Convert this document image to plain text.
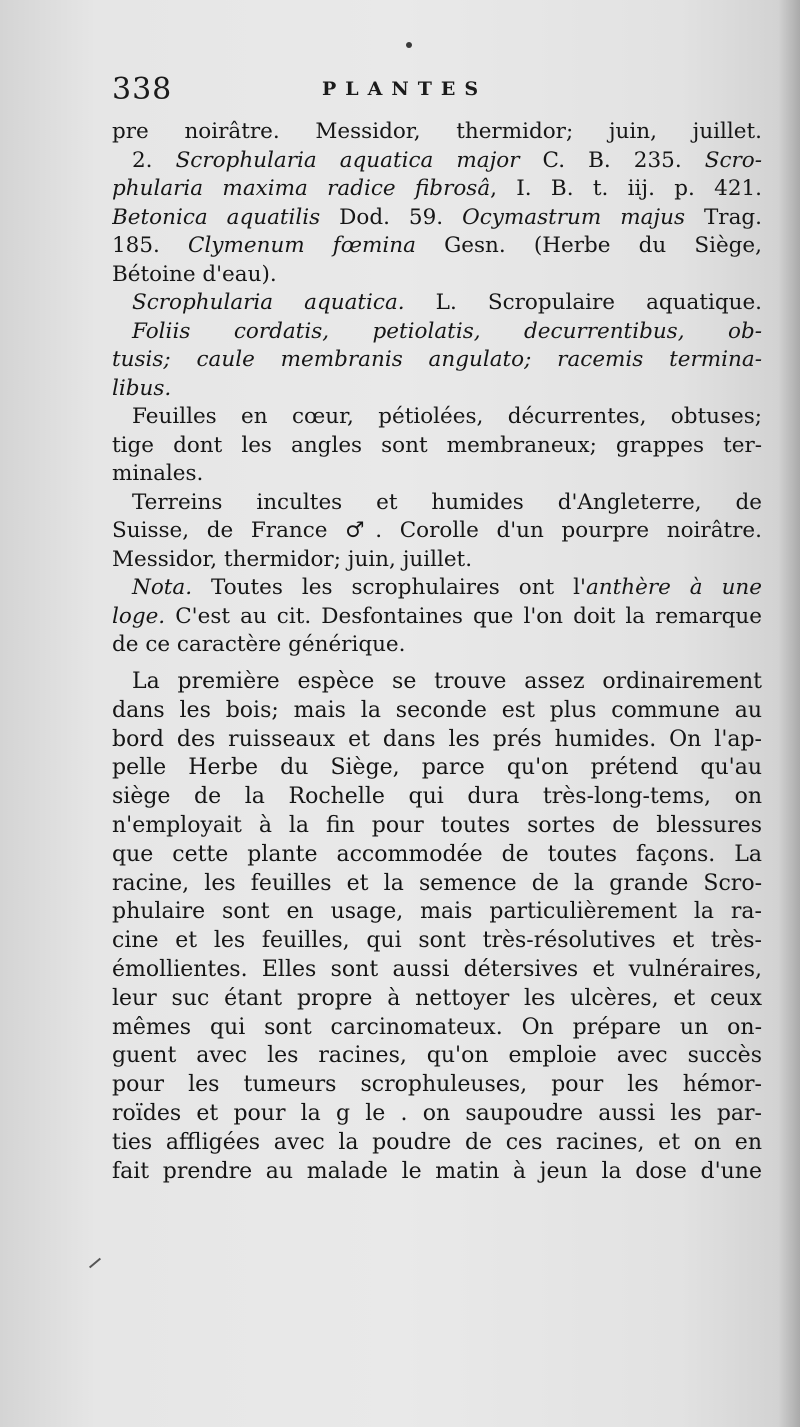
338	PLANTES
pre noirâtre. Messidor, thermidor; juin, juillet.
2. Scrophularia aquatica major C. B. 235. Scro-
phularia maxima radice fibrosâ, I. B. t. iij. p. 421.
Betonica aquatilis Dod. 59. Ocymastrum majus Trag.
185. Clymenum fœmina Gesn. (Herbe du Siège,
Bétoine d'eau).
Scrophularia aquatica. L. Scropulaire aquatique.
Foliis cordatis, petiolatis, decurrentibus, ob-
tusis; caule membranis angulato; racemis termina-
libus.
Feuilles en cœur, pétiolées, décurrentes, obtuses;
tige dont les angles sont membraneux; grappes ter-
minales.
Terreins incultes et humides d'Angleterre, de
Suisse, de France ♂. Corolle d'un pourpre noirâtre.
Messidor, thermidor; juin, juillet.
Nota. Toutes les scrophulaires ont l'anthère à une
loge. C'est au cit. Desfontaines que l'on doit la remarque
de ce caractère générique.
La première espèce se trouve assez ordinairement
dans les bois; mais la seconde est plus commune au
bord des ruisseaux et dans les prés humides. On l'ap-
pelle Herbe du Siège, parce qu'on prétend qu'au
siège de la Rochelle qui dura très-long-tems, on
n'employait à la fin pour toutes sortes de blessures
que cette plante accommodée de toutes façons. La
racine, les feuilles et la semence de la grande Scro-
phulaire sont en usage, mais particulièrement la ra-
cine et les feuilles, qui sont très-résolutives et très-
émollientes. Elles sont aussi détersives et vulnéraires,
leur suc étant propre à nettoyer les ulcères, et ceux
mêmes qui sont carcinomateux. On prépare un on-
guent avec les racines, qu'on emploie avec succès
pour les tumeurs scrophuleuses, pour les hémor-
roïdes et pour la g le . on saupoudre aussi les par-
ties affligées avec la poudre de ces racines, et on en
fait prendre au malade le matin à jeun la dose d'une
